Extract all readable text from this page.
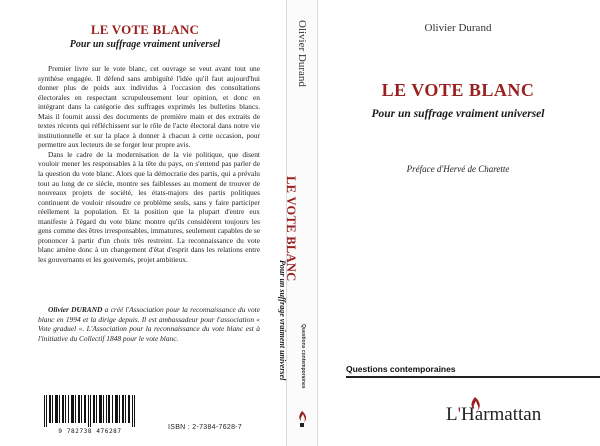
LE VOTE BLANC
Pour un suffrage vraiment universel

Premier livre sur le vote blanc, cet ouvrage se veut avant tout une synthèse engagée. Il défend sans ambiguïté l'idée qu'il faut aujourd'hui donner plus de poids aux individus à l'occasion des consultations électorales en respectant scrupuleusement leur opinion, et donc en intégrant dans la catégorie des suffrages exprimés les bulletins blancs. Mais il fournit aussi des documents de première main et des extraits de textes récents qui réfléchissent sur le rôle de l'acte électoral dans notre vie institutionnelle et sur la place à donner à chacun à cette occasion, pour permettre aux lecteurs de se forger leur propre avis.

Dans le cadre de la modernisation de la vie politique, que disent vouloir mener les responsables à la tête du pays, on s'entend pas parler de la question du vote blanc. Alors que la démocratie des partis, qui a prévalu tout au long de ce siècle, montre ses faiblesses au moment de trouver de nouveaux projets de société, les états-majors des partis politiques continuent de vouloir résoudre ce problème seuls, sans y faire participer réellement la population. Et la position que la plupart d'entre eux manifeste à l'égard du vote blanc montre qu'ils considèrent toujours les gens comme des êtres irresponsables, immatures, seulement capables de se prononcer à partir d'un choix très restreint. La reconnaissance du vote blanc amène donc à un changement d'état d'esprit dans les relations entre les gouvernants et les gouvernés, projet ambitieux.

Olivier DURAND a créé l'Association pour la reconnaissance du vote blanc en 1994 et la dirige depuis. Il est ambassadeur pour l'association « Vote graduel ». L'Association pour la reconnaissance du vote blanc est à l'initiative du Collectif 1848 pour le vote blanc.

9 782738 476287
ISBN : 2-7384-7628-7
Olivier Durand
LE VOTE BLANC
Pour un suffrage vraiment universel	Questions contemporaines
Olivier Durand
LE VOTE BLANC
Pour un suffrage vraiment universel
Préface d'Hervé de Charette
Questions contemporaines
L'Harmattan
